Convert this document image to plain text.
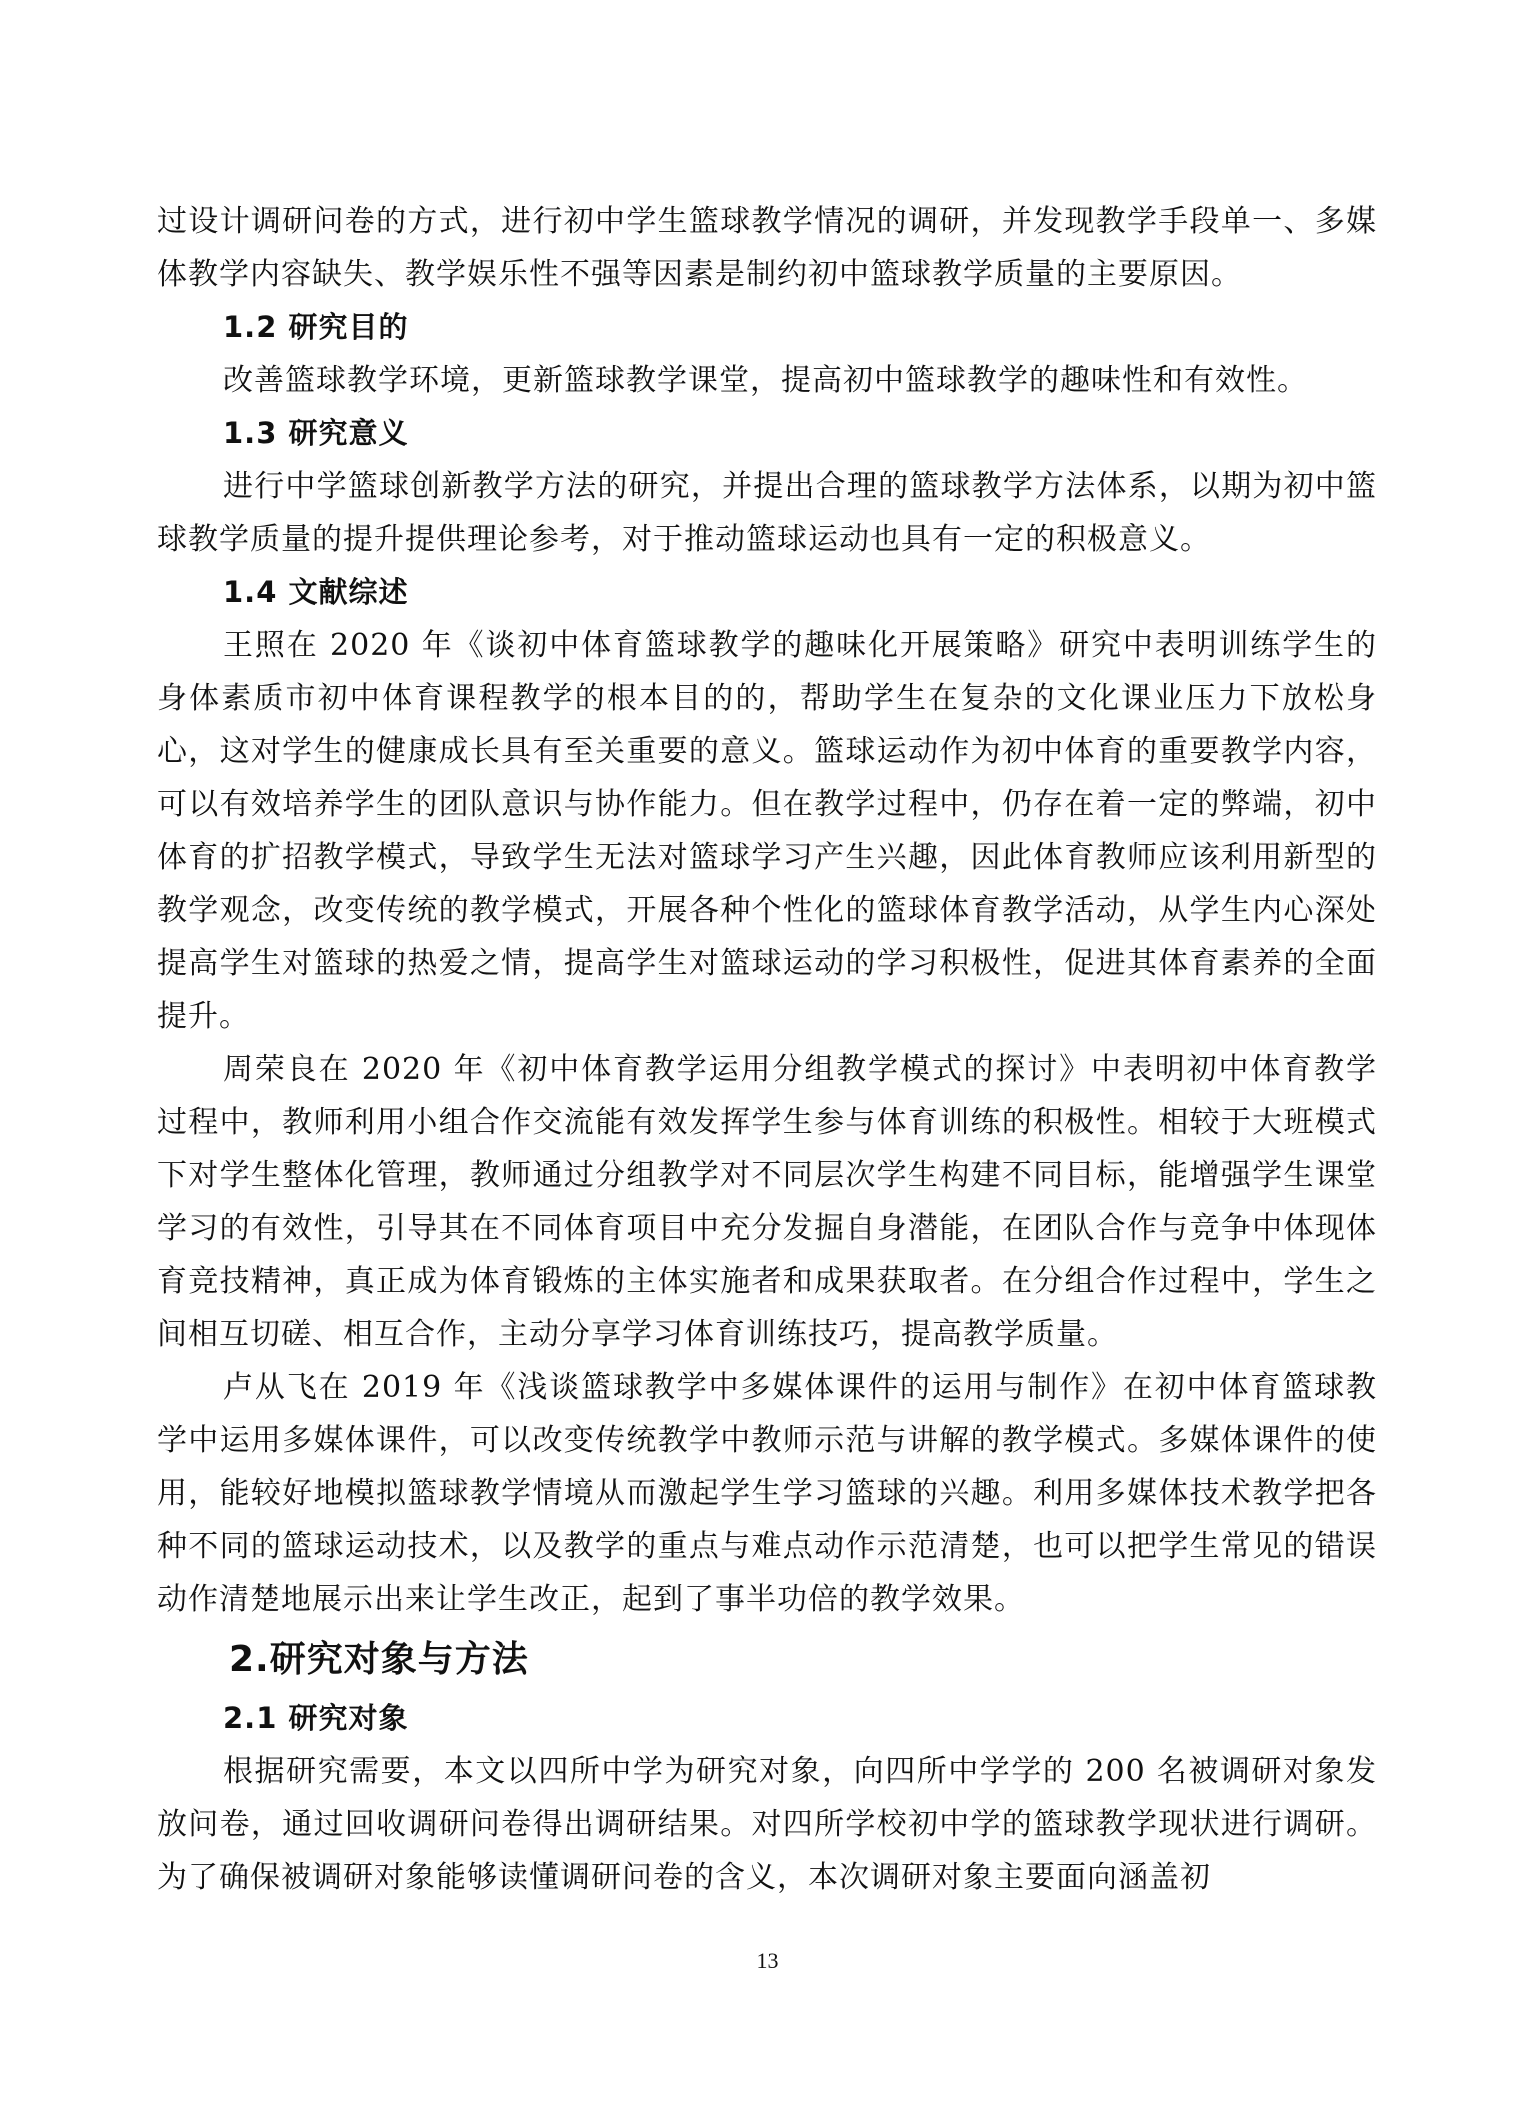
过设计调研问卷的方式，进行初中学生篮球教学情况的调研，并发现教学手段单一、多媒体教学内容缺失、教学娱乐性不强等因素是制约初中篮球教学质量的主要原因。

1.2 研究目的

改善篮球教学环境，更新篮球教学课堂，提高初中篮球教学的趣味性和有效性。

1.3 研究意义

进行中学篮球创新教学方法的研究，并提出合理的篮球教学方法体系，以期为初中篮球教学质量的提升提供理论参考，对于推动篮球运动也具有一定的积极意义。

1.4 文献综述

王照在 2020 年《谈初中体育篮球教学的趣味化开展策略》研究中表明训练学生的身体素质市初中体育课程教学的根本目的的，帮助学生在复杂的文化课业压力下放松身心，这对学生的健康成长具有至关重要的意义。篮球运动作为初中体育的重要教学内容，可以有效培养学生的团队意识与协作能力。但在教学过程中，仍存在着一定的弊端，初中体育的扩招教学模式，导致学生无法对篮球学习产生兴趣，因此体育教师应该利用新型的教学观念，改变传统的教学模式，开展各种个性化的篮球体育教学活动，从学生内心深处提高学生对篮球的热爱之情，提高学生对篮球运动的学习积极性，促进其体育素养的全面提升。

周荣良在 2020 年《初中体育教学运用分组教学模式的探讨》中表明初中体育教学过程中，教师利用小组合作交流能有效发挥学生参与体育训练的积极性。相较于大班模式下对学生整体化管理，教师通过分组教学对不同层次学生构建不同目标，能增强学生课堂学习的有效性，引导其在不同体育项目中充分发掘自身潜能，在团队合作与竞争中体现体育竞技精神，真正成为体育锻炼的主体实施者和成果获取者。在分组合作过程中，学生之间相互切磋、相互合作，主动分享学习体育训练技巧，提高教学质量。

卢从飞在 2019 年《浅谈篮球教学中多媒体课件的运用与制作》在初中体育篮球教学中运用多媒体课件，可以改变传统教学中教师示范与讲解的教学模式。多媒体课件的使用，能较好地模拟篮球教学情境从而激起学生学习篮球的兴趣。利用多媒体技术教学把各种不同的篮球运动技术，以及教学的重点与难点动作示范清楚，也可以把学生常见的错误动作清楚地展示出来让学生改正，起到了事半功倍的教学效果。

2.研究对象与方法
2.1 研究对象

根据研究需要，本文以四所中学为研究对象，向四所中学学的 200 名被调研对象发放问卷，通过回收调研问卷得出调研结果。对四所学校初中学的篮球教学现状进行调研。为了确保被调研对象能够读懂调研问卷的含义，本次调研对象主要面向涵盖初

13
